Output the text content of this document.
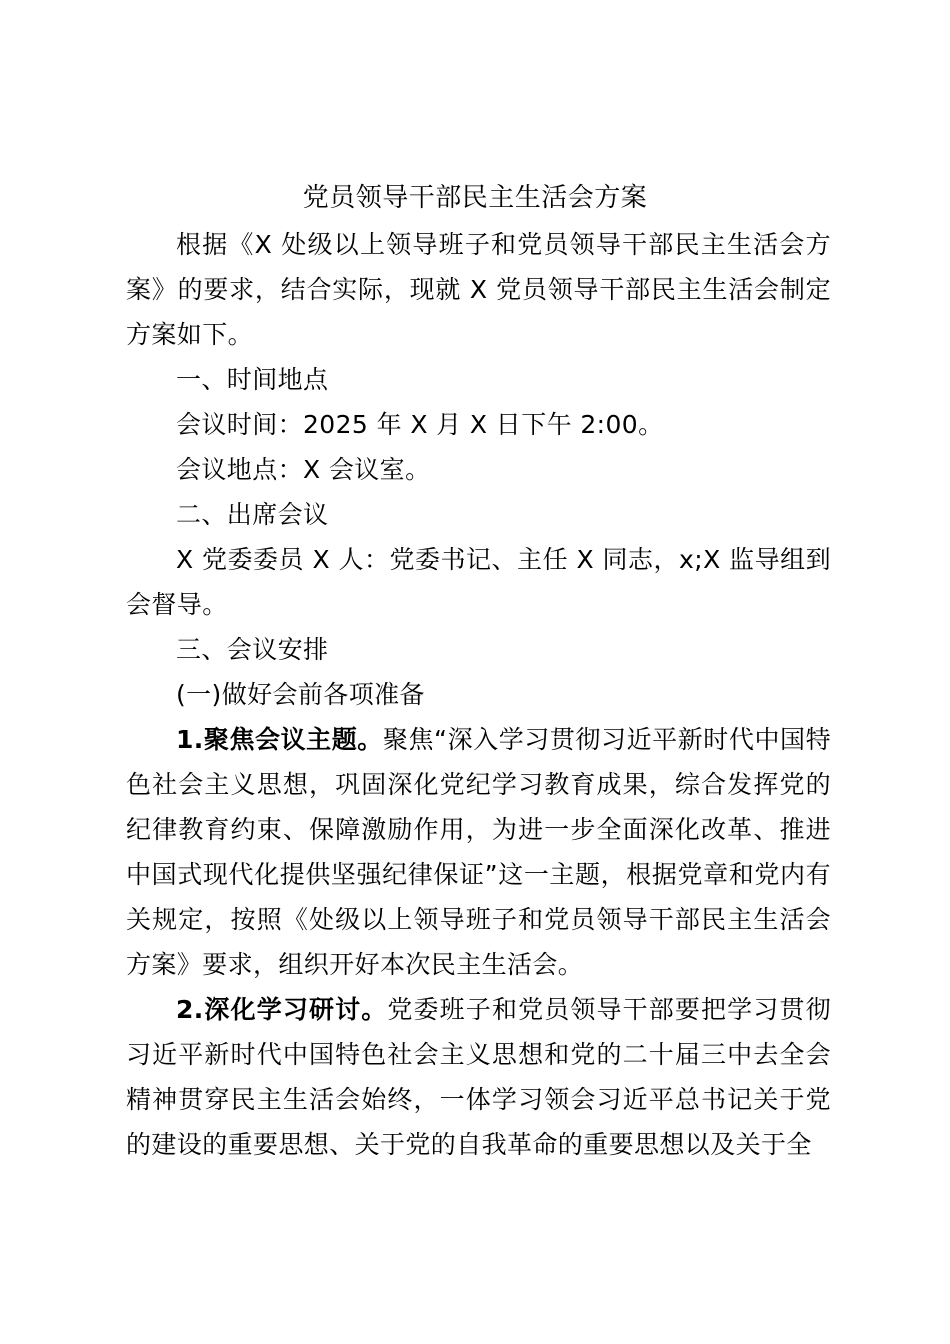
党员领导干部民主生活会方案

根据《X 处级以上领导班子和党员领导干部民主生活会方案》的要求，结合实际，现就 X 党员领导干部民主生活会制定方案如下。

一、时间地点

会议时间：2025 年 X 月 X 日下午 2:00。

会议地点：X 会议室。

二、出席会议

X 党委委员 X 人：党委书记、主任 X 同志，x;X 监导组到会督导。

三、会议安排

(一)做好会前各项准备

1.聚焦会议主题。聚焦“深入学习贯彻习近平新时代中国特色社会主义思想，巩固深化党纪学习教育成果，综合发挥党的纪律教育约束、保障激励作用，为进一步全面深化改革、推进中国式现代化提供坚强纪律保证”这一主题，根据党章和党内有关规定，按照《处级以上领导班子和党员领导干部民主生活会方案》要求，组织开好本次民主生活会。

2.深化学习研讨。党委班子和党员领导干部要把学习贯彻习近平新时代中国特色社会主义思想和党的二十届三中去全会精神贯穿民主生活会始终，一体学习领会习近平总书记关于党的建设的重要思想、关于党的自我革命的重要思想以及关于全
